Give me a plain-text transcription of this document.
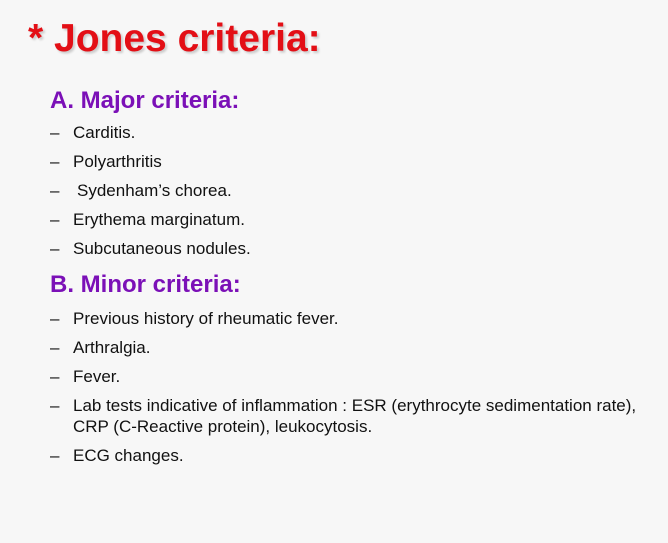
* Jones criteria:
A. Major criteria:
– Carditis.
– Polyarthritis
– Sydenham’s chorea.
– Erythema marginatum.
– Subcutaneous nodules.
B. Minor criteria:
– Previous history of rheumatic fever.
– Arthralgia.
– Fever.
– Lab tests indicative of inflammation : ESR (erythrocyte sedimentation rate), CRP (C-Reactive protein), leukocytosis.
– ECG changes.
